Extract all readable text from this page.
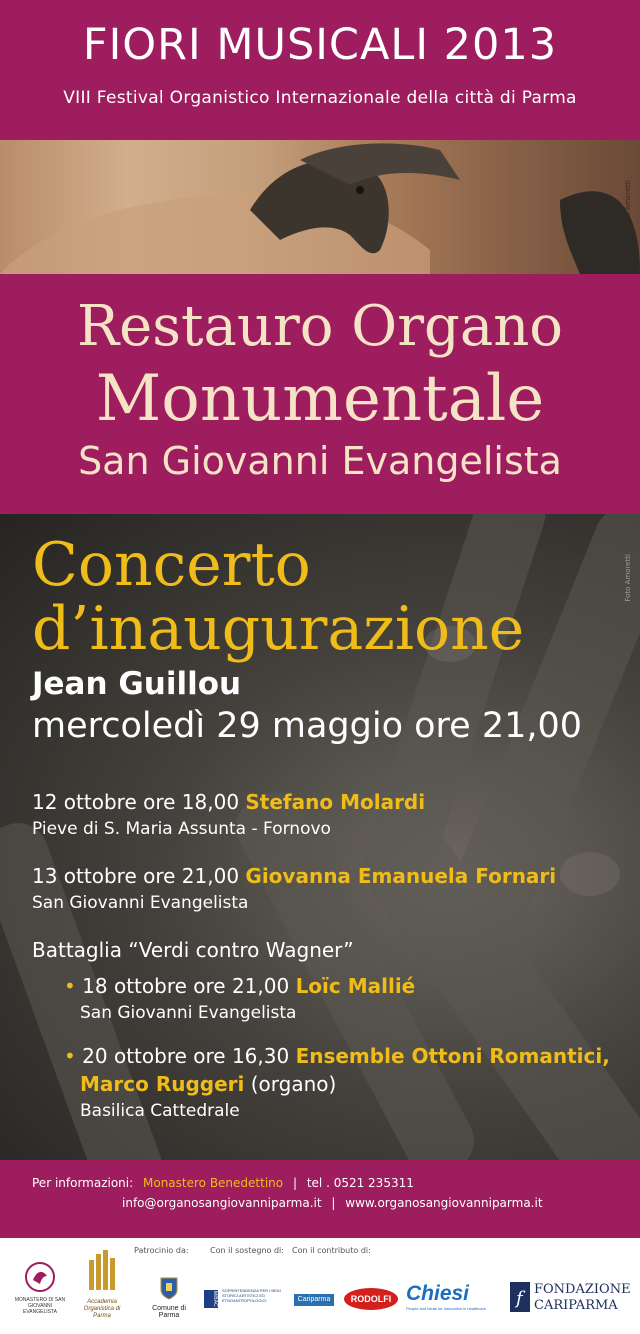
FIORI MUSICALI 2013
VIII Festival Organistico Internazionale della città di Parma
Foto Amoretti
Restauro Organo
Monumentale
San Giovanni Evangelista
Foto Amoretti
Concerto
d’inaugurazione
Jean Guillou
mercoledì 29 maggio ore 21,00
12 ottobre ore 18,00 Stefano Molardi
Pieve di S. Maria Assunta - Fornovo
13 ottobre ore 21,00 Giovanna Emanuela Fornari
San Giovanni Evangelista
Battaglia “Verdi contro Wagner”
• 18 ottobre ore 21,00 Loïc Mallié
San Giovanni Evangelista
• 20 ottobre ore 16,30 Ensemble Ottoni Romantici,
Marco Ruggeri (organo)
Basilica Cattedrale
Per informazioni: Monastero Benedettino | tel . 0521 235311
info@organosangiovanniparma.it | www.organosangiovanniparma.it
Patrocinio da:	Con il sostegno di: Con il contributo di:
MONASTERO DI SAN GIOVANNI EVANGELISTA
Accademia Organistica di Parma
Comune di Parma
MiBAC
SOPRINTENDENZA PER I BENI STORICI ARTISTICI ED ETNOANTROPOLOGICI	Cariparma	RODOLFI Chiesi
People and ideas for innovation in healthcare	f FONDAZIONE
CARIPARMA
